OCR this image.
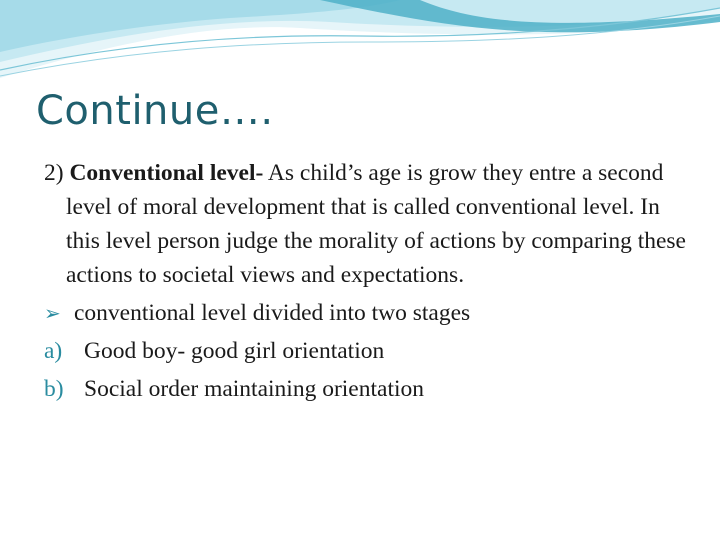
Continue….

2) Conventional level- As child’s age is grow they entre a second level of moral development that is called conventional level. In this level person judge the morality of actions by comparing these actions to societal views and expectations.

➢ conventional level divided into two stages
a) Good boy- good girl orientation
b) Social order maintaining orientation
